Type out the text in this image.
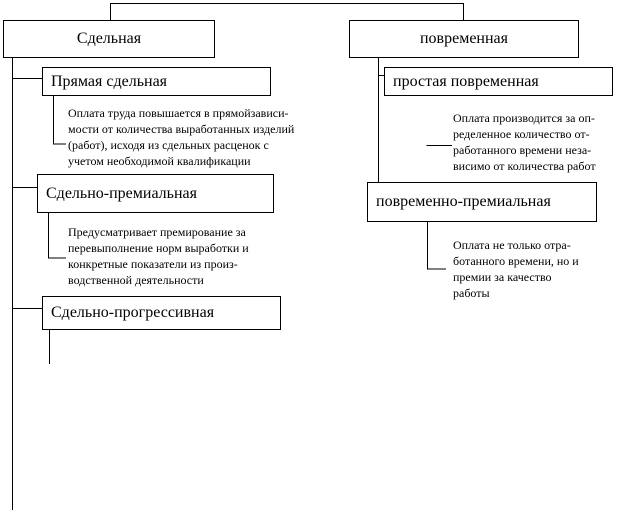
Сдельная	повременная
Прямая сдельная
Сдельно-премиальная
Сдельно-прогрессивная
простая повременная
повременно-премиальная
Оплата труда повышается в прямойзависи-
мости от количества выработанных изделий
(работ), исходя из сдельных расценок с
учетом необходимой квалификации
Предусматривает премирование за
перевыполнение норм выработки и
конкретные показатели из произ-
водственной деятельности
Оплата производится за оп-
ределенное количество от-
работанного времени неза-
висимо от количества работ
Оплата не только отра-
ботанного времени, но и
премии за качество
работы
